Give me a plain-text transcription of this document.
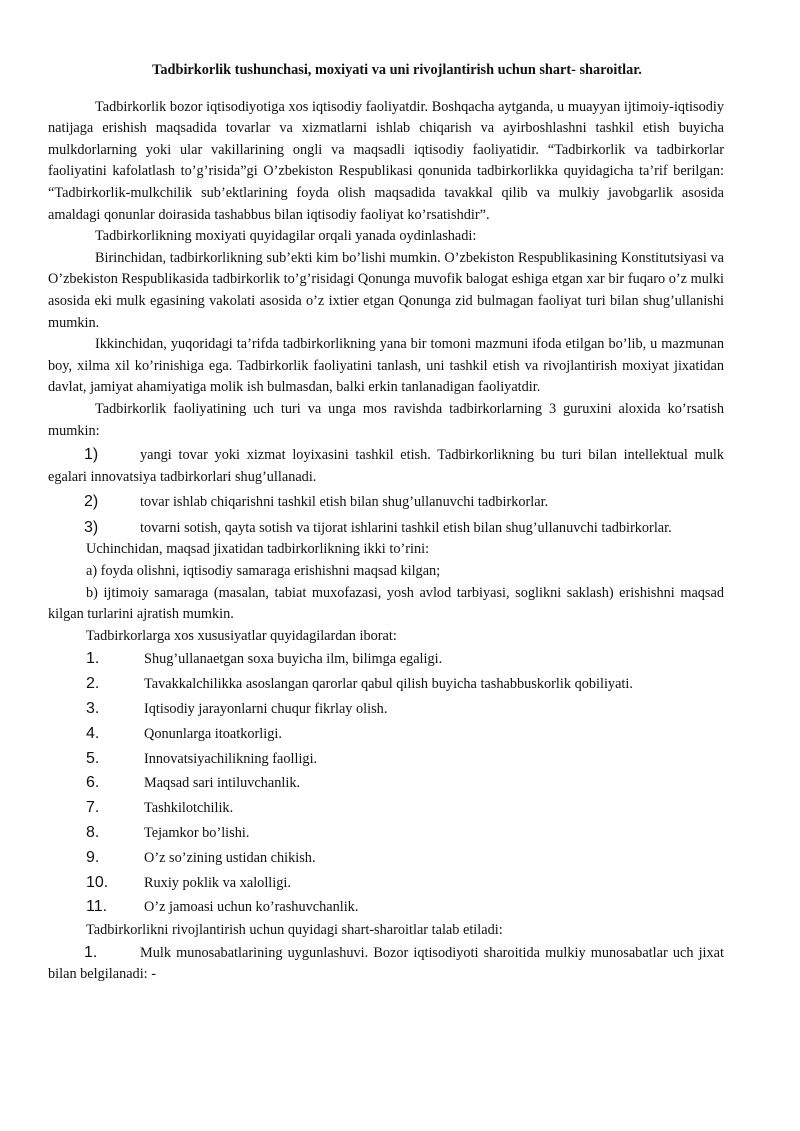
Tadbirkorlik tushunchasi, moxiyati va uni rivojlantirish uchun shart- sharoitlar.

Tadbirkorlik bozor iqtisodiyotiga xos iqtisodiy faoliyatdir. Boshqacha aytganda, u muayyan ijtimoiy-iqtisodiy natijaga erishish maqsadida tovarlar va xizmatlarni ishlab chiqarish va ayirboshlashni tashkil etish buyicha mulkdorlarning yoki ular vakillarining ongli va maqsadli iqtisodiy faoliyatidir. “Tadbirkorlik va tadbirkorlar faoliyatini kafolatlash to’g’risida”gi O’zbekiston Respublikasi qonunida tadbirkorlikka quyidagicha ta’rif berilgan: “Tadbirkorlik-mulkchilik sub’ektlarining foyda olish maqsadida tavakkal qilib va mulkiy javobgarlik asosida amaldagi qonunlar doirasida tashabbus bilan iqtisodiy faoliyat ko’rsatishdir”.

Tadbirkorlikning moxiyati quyidagilar orqali yanada oydinlashadi:

Birinchidan, tadbirkorlikning sub’ekti kim bo’lishi mumkin. O’zbekiston Respublikasining Konstitutsiyasi va O’zbekiston Respublikasida tadbirkorlik to’g’risidagi Qonunga muvofik balogat eshiga etgan xar bir fuqaro o’z mulki asosida eki mulk egasining vakolati asosida o’z ixtier etgan Qonunga zid bulmagan faoliyat turi bilan shug’ullanishi mumkin.

Ikkinchidan, yuqoridagi ta’rifda tadbirkorlikning yana bir tomoni mazmuni ifoda etilgan bo’lib, u mazmunan boy, xilma xil ko’rinishiga ega. Tadbirkorlik faoliyatini tanlash, uni tashkil etish va rivojlantirish moxiyat jixatidan davlat, jamiyat ahamiyatiga molik ish bulmasdan, balki erkin tanlanadigan faoliyatdir.

Tadbirkorlik faoliyatining uch turi va unga mos ravishda tadbirkorlarning 3 guruxini aloxida ko’rsatish mumkin:

1)	yangi tovar yoki xizmat loyixasini tashkil etish. Tadbirkorlikning bu turi bilan intellektual mulk egalari innovatsiya tadbirkorlari shug’ullanadi.

2)	tovar ishlab chiqarishni tashkil etish bilan shug’ullanuvchi tadbirkorlar.

3)	tovarni sotish, qayta sotish va tijorat ishlarini tashkil etish bilan shug’ullanuvchi tadbirkorlar.

Uchinchidan, maqsad jixatidan tadbirkorlikning ikki to’rini:

a) foyda olishni, iqtisodiy samaraga erishishni maqsad kilgan;

b) ijtimoiy samaraga (masalan, tabiat muxofazasi, yosh avlod tarbiyasi, soglikni saklash) erishishni maqsad kilgan turlarini ajratish mumkin.

Tadbirkorlarga xos xususiyatlar quyidagilardan iborat:

1.	Shug’ullanaetgan soxa buyicha ilm, bilimga egaligi.
2.	Tavakkalchilikka asoslangan qarorlar qabul qilish buyicha tashabbuskorlik qobiliyati.
3.	Iqtisodiy jarayonlarni chuqur fikrlay olish.
4.	Qonunlarga itoatkorligi.
5.	Innovatsiyachilikning faolligi.
6.	Maqsad sari intiluvchanlik.
7.	Tashkilotchilik.
8.	Tejamkor bo’lishi.
9.	O’z so’zining ustidan chikish.
10.	Ruxiy poklik va xalolligi.
11.	O’z jamoasi uchun ko’rashuvchanlik.

Tadbirkorlikni rivojlantirish uchun quyidagi shart-sharoitlar talab etiladi:

1.	Mulk munosabatlarining uygunlashuvi. Bozor iqtisodiyoti sharoitida mulkiy munosabatlar uch jixat bilan belgilanadi: -
